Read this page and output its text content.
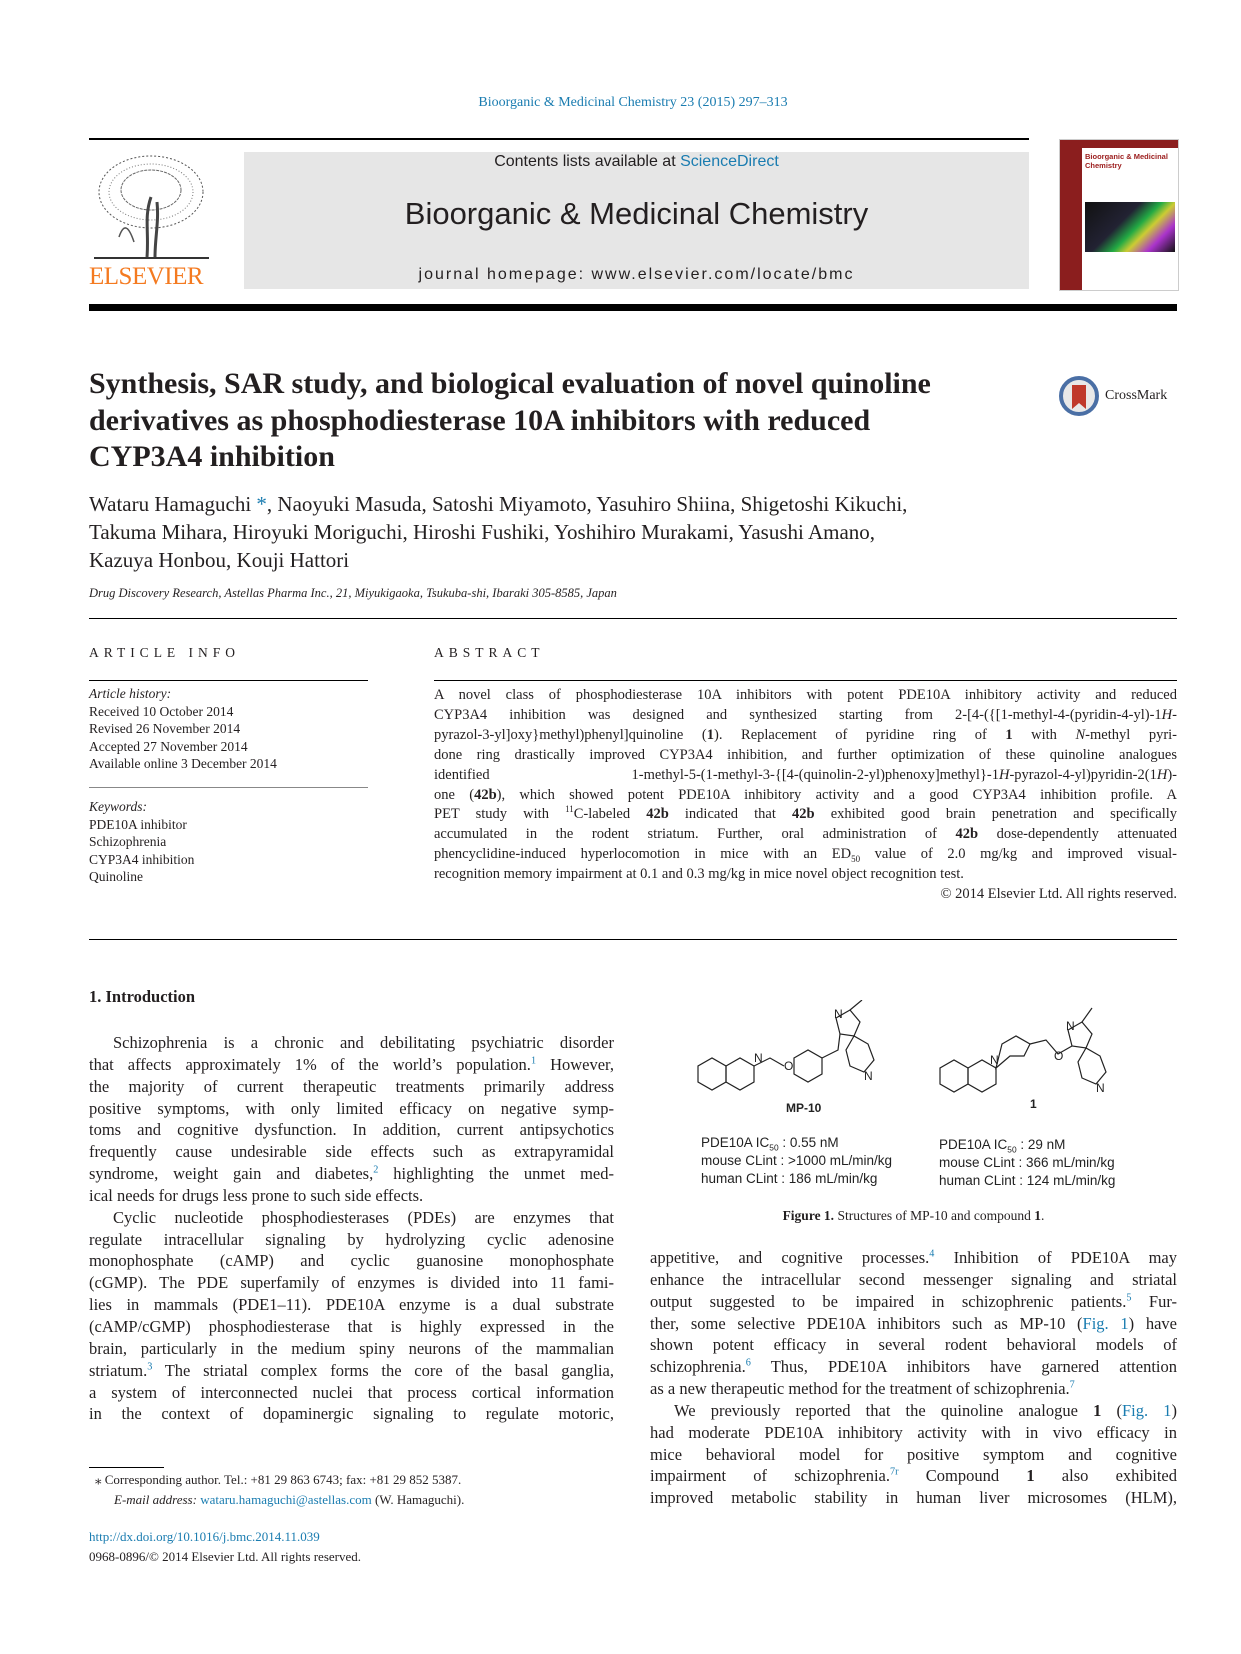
Bioorganic & Medicinal Chemistry 23 (2015) 297–313
ELSEVIER
Contents lists available at ScienceDirect
Bioorganic & Medicinal Chemistry
journal homepage: www.elsevier.com/locate/bmc
Bioorganic & Medicinal Chemistry
Synthesis, SAR study, and biological evaluation of novel quinoline
derivatives as phosphodiesterase 10A inhibitors with reduced
CYP3A4 inhibition
CrossMark
Wataru Hamaguchi *, Naoyuki Masuda, Satoshi Miyamoto, Yasuhiro Shiina, Shigetoshi Kikuchi,
Takuma Mihara, Hiroyuki Moriguchi, Hiroshi Fushiki, Yoshihiro Murakami, Yasushi Amano,
Kazuya Honbou, Kouji Hattori
Drug Discovery Research, Astellas Pharma Inc., 21, Miyukigaoka, Tsukuba-shi, Ibaraki 305-8585, Japan
ARTICLE INFO
Article history:
Received 10 October 2014
Revised 26 November 2014
Accepted 27 November 2014
Available online 3 December 2014
Keywords:
PDE10A inhibitor
Schizophrenia
CYP3A4 inhibition
Quinoline
ABSTRACT
A novel class of phosphodiesterase 10A inhibitors with potent PDE10A inhibitory activity and reduced
CYP3A4 inhibition was designed and synthesized starting from 2-[4-({[1-methyl-4-(pyridin-4-yl)-1H-
pyrazol-3-yl]oxy}methyl)phenyl]quinoline (1). Replacement of pyridine ring of 1 with N-methyl pyri-
done ring drastically improved CYP3A4 inhibition, and further optimization of these quinoline analogues
identified 1-methyl-5-(1-methyl-3-{[4-(quinolin-2-yl)phenoxy]methyl}-1H-pyrazol-4-yl)pyridin-2(1H)-
one (42b), which showed potent PDE10A inhibitory activity and a good CYP3A4 inhibition profile. A
PET study with $^{11}$C-labeled 42b indicated that 42b exhibited good brain penetration and specifically
accumulated in the rodent striatum. Further, oral administration of 42b dose-dependently attenuated
phencyclidine-induced hyperlocomotion in mice with an $ED_{50}$ value of 2.0 mg/kg and improved visual-
recognition memory impairment at 0.1 and 0.3 mg/kg in mice novel object recognition test.
© 2014 Elsevier Ltd. All rights reserved.
1. Introduction
Schizophrenia is a chronic and debilitating psychiatric disorder
that affects approximately 1% of the world’s population.$^1$ However,
the majority of current therapeutic treatments primarily address
positive symptoms, with only limited efficacy on negative symp-
toms and cognitive dysfunction. In addition, current antipsychotics
frequently cause undesirable side effects such as extrapyramidal
syndrome, weight gain and diabetes,$^2$ highlighting the unmet med-
ical needs for drugs less prone to such side effects.
Cyclic nucleotide phosphodiesterases (PDEs) are enzymes that
regulate intracellular signaling by hydrolyzing cyclic adenosine
monophosphate (cAMP) and cyclic guanosine monophosphate
(cGMP). The PDE superfamily of enzymes is divided into 11 fami-
lies in mammals (PDE1–11). PDE10A enzyme is a dual substrate
(cAMP/cGMP) phosphodiesterase that is highly expressed in the
brain, particularly in the medium spiny neurons of the mammalian
striatum.$^3$ The striatal complex forms the core of the basal ganglia,
a system of interconnected nuclei that process cortical information
in the context of dopaminergic signaling to regulate motoric,
appetitive, and cognitive processes.$^4$ Inhibition of PDE10A may
enhance the intracellular second messenger signaling and striatal
output suggested to be impaired in schizophrenic patients.$^5$ Fur-
ther, some selective PDE10A inhibitors such as MP-10 (Fig. 1) have
shown potent efficacy in several rodent behavioral models of
schizophrenia.$^6$ Thus, PDE10A inhibitors have garnered attention
as a new therapeutic method for the treatment of schizophrenia.$^7$
We previously reported that the quinoline analogue 1 (Fig. 1)
had moderate PDE10A inhibitory activity with in vivo efficacy in
mice behavioral model for positive symptom and cognitive
impairment of schizophrenia.$^{7r}$ Compound 1 also exhibited
improved metabolic stability in human liver microsomes (HLM),
N
O
N
N
N	O
N
N
MP-10	1
PDE10A $IC_{50}$ : 0.55 nM
mouse CLint : >1000 mL/min/kg
human CLint : 186 mL/min/kg
PDE10A $IC_{50}$ : 29 nM
mouse CLint : 366 mL/min/kg
human CLint : 124 mL/min/kg
Figure 1. Structures of MP-10 and compound 1.
⁎ Corresponding author. Tel.: +81 29 863 6743; fax: +81 29 852 5387.
E-mail address: wataru.hamaguchi@astellas.com (W. Hamaguchi).
http://dx.doi.org/10.1016/j.bmc.2014.11.039
0968-0896/© 2014 Elsevier Ltd. All rights reserved.
